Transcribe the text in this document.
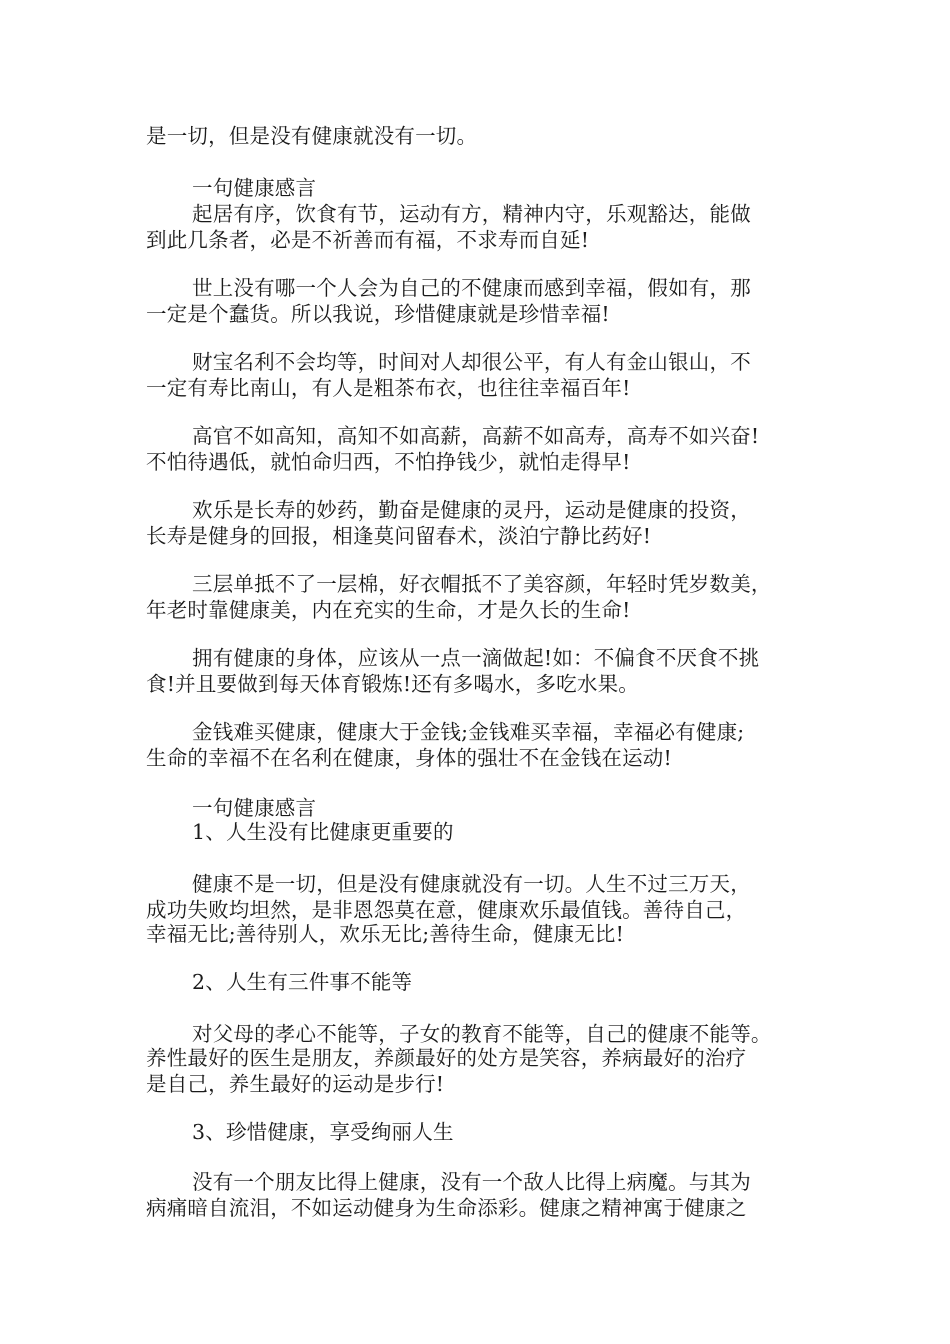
是一切，但是没有健康就没有一切。
一句健康感言
起居有序，饮食有节，运动有方，精神内守，乐观豁达，能做
到此几条者，必是不祈善而有福，不求寿而自延!
世上没有哪一个人会为自己的不健康而感到幸福，假如有，那
一定是个蠢货。所以我说，珍惜健康就是珍惜幸福!
财宝名利不会均等，时间对人却很公平，有人有金山银山，不
一定有寿比南山，有人是粗茶布衣，也往往幸福百年!
高官不如高知，高知不如高薪，高薪不如高寿，高寿不如兴奋!
不怕待遇低，就怕命归西，不怕挣钱少，就怕走得早!
欢乐是长寿的妙药，勤奋是健康的灵丹，运动是健康的投资，
长寿是健身的回报，相逢莫问留春术，淡泊宁静比药好!
三层单抵不了一层棉，好衣帽抵不了美容颜，年轻时凭岁数美，
年老时靠健康美，内在充实的生命，才是久长的生命!
拥有健康的身体，应该从一点一滴做起!如：不偏食不厌食不挑
食!并且要做到每天体育锻炼!还有多喝水，多吃水果。
金钱难买健康，健康大于金钱;金钱难买幸福，幸福必有健康;
生命的幸福不在名利在健康，身体的强壮不在金钱在运动!
一句健康感言
1、人生没有比健康更重要的
健康不是一切，但是没有健康就没有一切。人生不过三万天，
成功失败均坦然，是非恩怨莫在意，健康欢乐最值钱。善待自己，
幸福无比;善待别人，欢乐无比;善待生命，健康无比!
2、人生有三件事不能等
对父母的孝心不能等，子女的教育不能等，自己的健康不能等。
养性最好的医生是朋友，养颜最好的处方是笑容，养病最好的治疗
是自己，养生最好的运动是步行!
3、珍惜健康，享受绚丽人生
没有一个朋友比得上健康，没有一个敌人比得上病魔。与其为
病痛暗自流泪，不如运动健身为生命添彩。健康之精神寓于健康之
